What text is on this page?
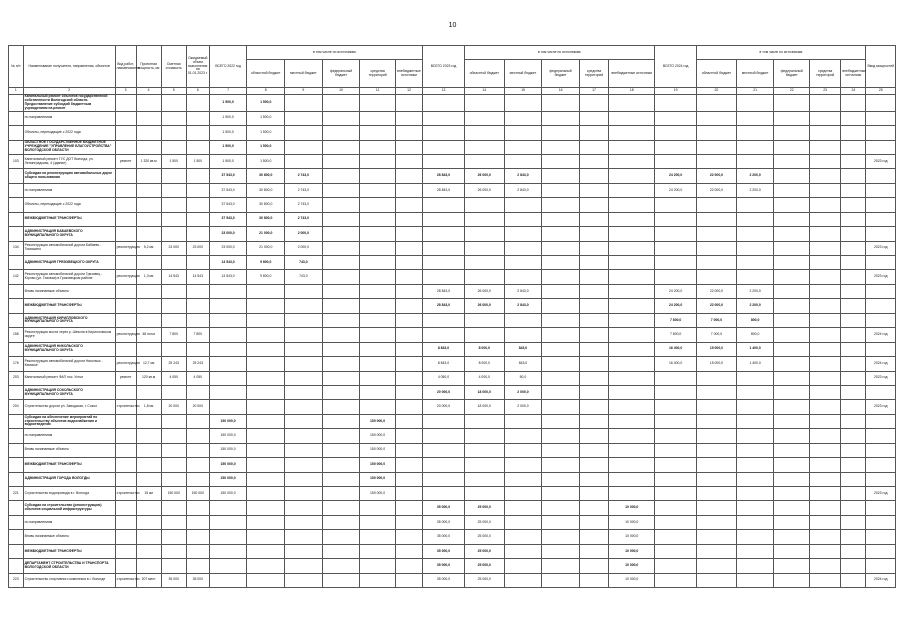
10
№ п/п	Наименование получателя, направления, объектов	Вид работ, наименование	Проектная мощность, км	Сметная стоимость	Ожидаемый объем выполнения на 01.01.2023 г.	ВСЕГО 2022 год	в том числе по источникам:					ВСЕГО 2023 год	в том числе по источникам:					ВСЕГО 2024 год	в том числе по источникам:					Ввод мощностей
							областной бюджет	местный бюджет	федеральный бюджет	средства территорий	внебюджетные источники		областной бюджет	местный бюджет	федеральный бюджет	средства территорий	внебюджетные источники		областной бюджет	местный бюджет	федеральный бюджет	средства территорий	внебюджетные источники	
1	2	3	4	5	6	7	8	9	10	11	12	13	14	15	16	17	18	19	20	21	22	23	24	25
	Капитальный ремонт объектов государственной собственности Вологодской области. Предоставление субсидий бюджетным учреждениям на ремонт					1 500,0	1 500,0																	
	по направлениям					1 500,0	1 500,0																	
	Объекты, переходящие с 2022 года					1 500,0	1 500,0																	
	ОБЛАСТНОЕ ГОСУДАРСТВЕННОЕ БЮДЖЕТНОЕ УЧРЕЖДЕНИЕ "УПРАВЛЕНИЕ БЛАГОУСТРОЙСТВА" ВОЛОГОДСКОЙ ОБЛАСТИ					1 500,0	1 500,0																	
103	Капитальный ремонт ГУС ДОТ Вологда, ул. Ленинградская, 4 (здание)	ремонт	1 320 кв.м	1 500	1 500	1 500,0	1 500,0																	2023 год
	Субсидии на реконструкцию автомобильных дорог общего пользования					37 543,0	30 800,0	2 743,0				28 843,0	26 000,0	2 843,0				24 200,0	22 000,0	2 200,0				
	по направлениям					37 543,0	30 800,0	2 743,0				28 843,0	26 000,0	2 843,0				24 200,0	22 000,0	2 200,0				
	Объекты, переходящие с 2022 года					37 543,0	30 800,0	2 743,0																
	МЕЖБЮДЖЕТНЫЕ ТРАНСФЕРТЫ					37 543,0	30 800,0	2 743,0																
	АДМИНИСТРАЦИЯ БАБАЕВСКОГО МУНИЦИПАЛЬНОГО ОКРУГА					23 000,0	21 000,0	2 000,0																
134	Реконструкция автомобильной дороги Бабаево - Тимошино	реконструкция	5,2 км	23 000	23 000	23 000,0	21 000,0	2 000,0																2023 год
	АДМИНИСТРАЦИЯ ГРЯЗОВЕЦКОГО ОКРУГА					14 543,0	9 800,0	743,0																
142	Реконструкция автомобильной дороги Грязовец - Юрово (ул. Газовая) в Грязовецком районе	реконструкция	1,3 км	14 543	14 543	14 543,0	9 800,0	743,0																2023 год
	Вновь начинаемые объекты											28 843,0	26 000,0	2 843,0				24 200,0	22 000,0	2 200,0				
	МЕЖБЮДЖЕТНЫЕ ТРАНСФЕРТЫ											28 843,0	26 000,0	2 843,0				24 200,0	22 000,0	2 200,0				
	АДМИНИСТРАЦИЯ КИРИЛЛОВСКОГО МУНИЦИПАЛЬНОГО ОКРУГА																	7 800,0	7 000,0	800,0				
158	Реконструкция моста через р. Шексна в Кирилловском округе	реконструкция	48 пог.м	7 800	7 800													7 800,0	7 000,0	800,0				2024 год
	АДМИНИСТРАЦИЯ НИКОЛЬСКОГО МУНИЦИПАЛЬНОГО ОКРУГА											8 843,0	8 000,0	843,0				16 400,0	15 000,0	1 400,0				
176	Реконструкция автомобильной дороги Никольск - Кемское	реконструкция	12,7 км	25 243	25 243							8 843,0	8 000,0	843,0				16 400,0	15 000,0	1 400,0				2024 год
203	Капитальный ремонт ФАП пос. Устье	ремонт	120 кв.м	4 050	4 050							4 050,0	4 000,0	50,0										2023 год
	АДМИНИСТРАЦИЯ СОКОЛЬСКОГО МУНИЦИПАЛЬНОГО ОКРУГА											20 000,0	18 000,0	2 000,0										
204	Строительство дороги ул. Заводская, г. Сокол	строительство	1,8 км	20 000	20 000							20 000,0	18 000,0	2 000,0										2023 год
	Субсидии на обеспечение мероприятий по строительству объектов водоснабжения и водоотведения					150 000,0				150 000,0														
	по направлениям					150 000,0				150 000,0														
	Вновь начинаемые объекты					150 000,0				150 000,0														
	МЕЖБЮДЖЕТНЫЕ ТРАНСФЕРТЫ					150 000,0				150 000,0														
	АДМИНИСТРАЦИЯ ГОРОДА ВОЛОГДЫ					150 000,0				150 000,0														
221	Строительство водопровода в г. Вологда	строительство	15 км	150 000	150 000	150 000,0				150 000,0														2023 год
	Субсидии на строительство (реконструкцию) объектов социальной инфраструктуры											35 000,0	25 000,0				10 000,0							
	по направлениям											35 000,0	25 000,0				10 000,0							
	Вновь начинаемые объекты											35 000,0	25 000,0				10 000,0							
	МЕЖБЮДЖЕТНЫЕ ТРАНСФЕРТЫ											35 000,0	25 000,0				10 000,0							
	ДЕПАРТАМЕНТ СТРОИТЕЛЬСТВА И ТРАНСПОРТА ВОЛОГОДСКОЙ ОБЛАСТИ											35 000,0	25 000,0				10 000,0							
223	Строительство спортивного комплекса в г. Вологде	строительство	207 мест	35 000	35 000							35 000,0	25 000,0				10 000,0							2024 год
